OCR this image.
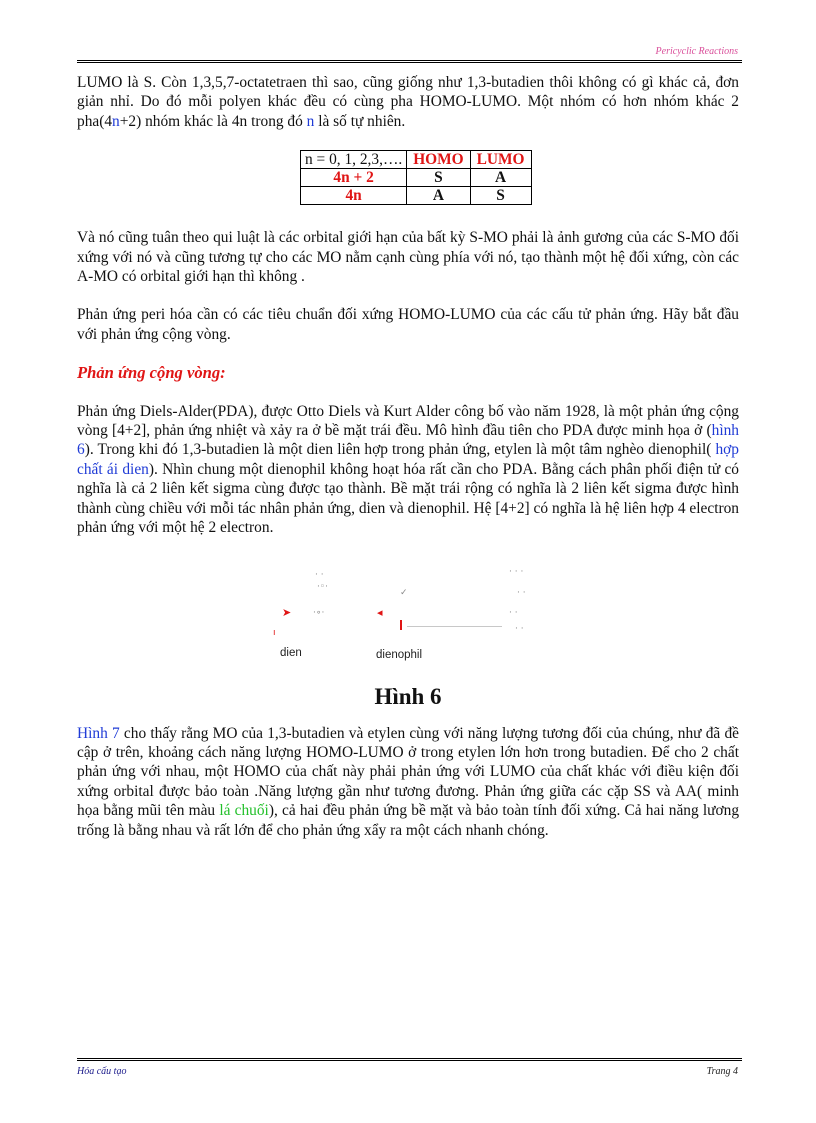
Pericyclic Reactions

LUMO là S. Còn 1,3,5,7-octatetraen thì sao, cũng giống như 1,3-butadien thôi không có gì khác cả, đơn giản nhỉ. Do đó mỗi polyen khác đều có cùng pha HOMO-LUMO. Một nhóm có hơn nhóm khác 2 pha(4n+2) nhóm khác là 4n trong đó n là số tự nhiên.

n = 0, 1, 2,3,….	HOMO	LUMO
4n + 2	S	A
4n	A	S

Và nó cũng tuân theo qui luật là các orbital giới hạn của bất kỳ S-MO phải là ảnh gương của các S-MO đối xứng với nó và cũng tương tự cho các MO nằm cạnh cùng phía với nó, tạo thành một hệ đối xứng, còn các A-MO có orbital giới hạn thì không .

Phản ứng peri hóa cần có các tiêu chuẩn đối xứng HOMO-LUMO của các cấu tử phản ứng. Hãy bắt đầu với phản ứng cộng vòng.

Phản ứng cộng vòng:

Phản ứng Diels-Alder(PDA), được Otto Diels và Kurt Alder công bố vào năm 1928, là một phản ứng cộng vòng [4+2], phản ứng nhiệt và xảy ra ở bề mặt trái đều. Mô hình đầu tiên cho PDA được minh họa ở (hình 6). Trong khi đó 1,3-butadien là một dien liên hợp trong phản ứng, etylen là một tâm nghèo dienophil( hợp chất ái dien). Nhìn chung một dienophil không hoạt hóa rất cần cho PDA. Bằng cách phân phối điện tử có nghĩa là cả 2 liên kết sigma cùng được tạo thành. Bề mặt trái rộng có nghĩa là 2 liên kết sigma được hình thành cùng chiều với mỗi tác nhân phản ứng, dien và dienophil. Hệ [4+2] có nghĩa là hệ liên hợp 4 electron phản ứng với một hệ 2 electron.

· ·
·◦·
✓
· · ·
· ·
➤ ·∘·	◂	· ·
· ·
ı
dien	dienophil
Hình 6

Hình 7 cho thấy rằng MO của 1,3-butadien và etylen cùng với năng lượng tương đối của chúng, như đã đề cập ở trên, khoảng cách năng lượng HOMO-LUMO ở trong etylen lớn hơn trong butadien. Để cho 2 chất phản ứng với nhau, một HOMO của chất này phải phản ứng với LUMO của chất khác với điều kiện đối xứng orbital được bảo toàn .Năng lượng gần như tương đương. Phản ứng giữa các cặp SS và AA( minh họa bằng mũi tên màu lá chuối), cả hai đều phản ứng bề mặt và bảo toàn tính đối xứng. Cả hai năng lương trống là bằng nhau và rất lớn để cho phản ứng xẩy ra một cách nhanh chóng.

Hóa cấu tạo	Trang 4
